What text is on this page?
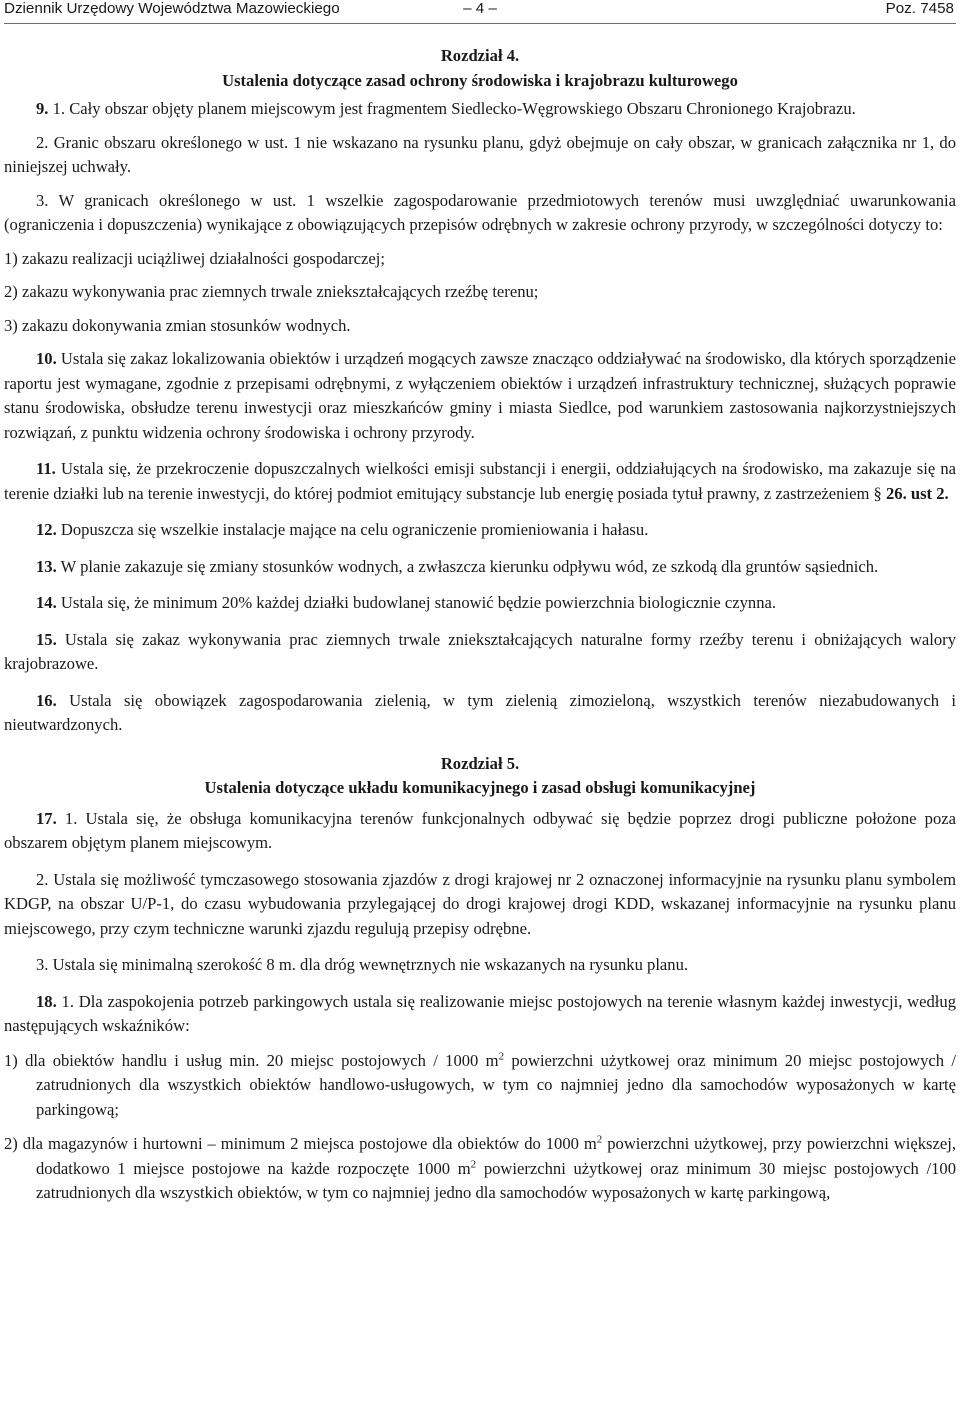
Dziennik Urzędowy Województwa Mazowieckiego	– 4 –	Poz. 7458
Rozdział 4.
Ustalenia dotyczące zasad ochrony środowiska i krajobrazu kulturowego

9. 1. Cały obszar objęty planem miejscowym jest fragmentem Siedlecko-Węgrowskiego Obszaru Chronionego Krajobrazu.

2. Granic obszaru określonego w ust. 1 nie wskazano na rysunku planu, gdyż obejmuje on cały obszar, w granicach załącznika nr 1, do niniejszej uchwały.

3. W granicach określonego w ust. 1 wszelkie zagospodarowanie przedmiotowych terenów musi uwzględniać uwarunkowania (ograniczenia i dopuszczenia) wynikające z obowiązujących przepisów odrębnych w zakresie ochrony przyrody, w szczególności dotyczy to:

1) zakazu realizacji uciążliwej działalności gospodarczej;

2) zakazu wykonywania prac ziemnych trwale zniekształcających rzeźbę terenu;

3) zakazu dokonywania zmian stosunków wodnych.

10. Ustala się zakaz lokalizowania obiektów i urządzeń mogących zawsze znacząco oddziaływać na środowisko, dla których sporządzenie raportu jest wymagane, zgodnie z przepisami odrębnymi, z wyłączeniem obiektów i urządzeń infrastruktury technicznej, służących poprawie stanu środowiska, obsłudze terenu inwestycji oraz mieszkańców gminy i miasta Siedlce, pod warunkiem zastosowania najkorzystniejszych rozwiązań, z punktu widzenia ochrony środowiska i ochrony przyrody.

11. Ustala się, że przekroczenie dopuszczalnych wielkości emisji substancji i energii, oddziałujących na środowisko, ma zakazuje się na terenie działki lub na terenie inwestycji, do której podmiot emitujący substancje lub energię posiada tytuł prawny, z zastrzeżeniem § 26. ust 2.

12. Dopuszcza się wszelkie instalacje mające na celu ograniczenie promieniowania i hałasu.

13. W planie zakazuje się zmiany stosunków wodnych, a zwłaszcza kierunku odpływu wód, ze szkodą dla gruntów sąsiednich.

14. Ustala się, że minimum 20% każdej działki budowlanej stanowić będzie powierzchnia biologicznie czynna.

15. Ustala się zakaz wykonywania prac ziemnych trwale zniekształcających naturalne formy rzeźby terenu i obniżających walory krajobrazowe.

16. Ustala się obowiązek zagospodarowania zielenią, w tym zielenią zimozieloną, wszystkich terenów niezabudowanych i nieutwardzonych.

Rozdział 5.
Ustalenia dotyczące układu komunikacyjnego i zasad obsługi komunikacyjnej

17. 1. Ustala się, że obsługa komunikacyjna terenów funkcjonalnych odbywać się będzie poprzez drogi publiczne położone poza obszarem objętym planem miejscowym.

2. Ustala się możliwość tymczasowego stosowania zjazdów z drogi krajowej nr 2 oznaczonej informacyjnie na rysunku planu symbolem KDGP, na obszar U/P-1, do czasu wybudowania przylegającej do drogi krajowej drogi KDD, wskazanej informacyjnie na rysunku planu miejscowego, przy czym techniczne warunki zjazdu regulują przepisy odrębne.

3. Ustala się minimalną szerokość 8 m. dla dróg wewnętrznych nie wskazanych na rysunku planu.

18. 1. Dla zaspokojenia potrzeb parkingowych ustala się realizowanie miejsc postojowych na terenie własnym każdej inwestycji, według następujących wskaźników:

1) dla obiektów handlu i usług min. 20 miejsc postojowych / 1000 $m^2$ powierzchni użytkowej oraz minimum 20 miejsc postojowych / zatrudnionych dla wszystkich obiektów handlowo-usługowych, w tym co najmniej jedno dla samochodów wyposażonych w kartę parkingową;

2) dla magazynów i hurtowni – minimum 2 miejsca postojowe dla obiektów do 1000 $m^2$ powierzchni użytkowej, przy powierzchni większej, dodatkowo 1 miejsce postojowe na każde rozpoczęte 1000 $m^2$ powierzchni użytkowej oraz minimum 30 miejsc postojowych /100 zatrudnionych dla wszystkich obiektów, w tym co najmniej jedno dla samochodów wyposażonych w kartę parkingową,
